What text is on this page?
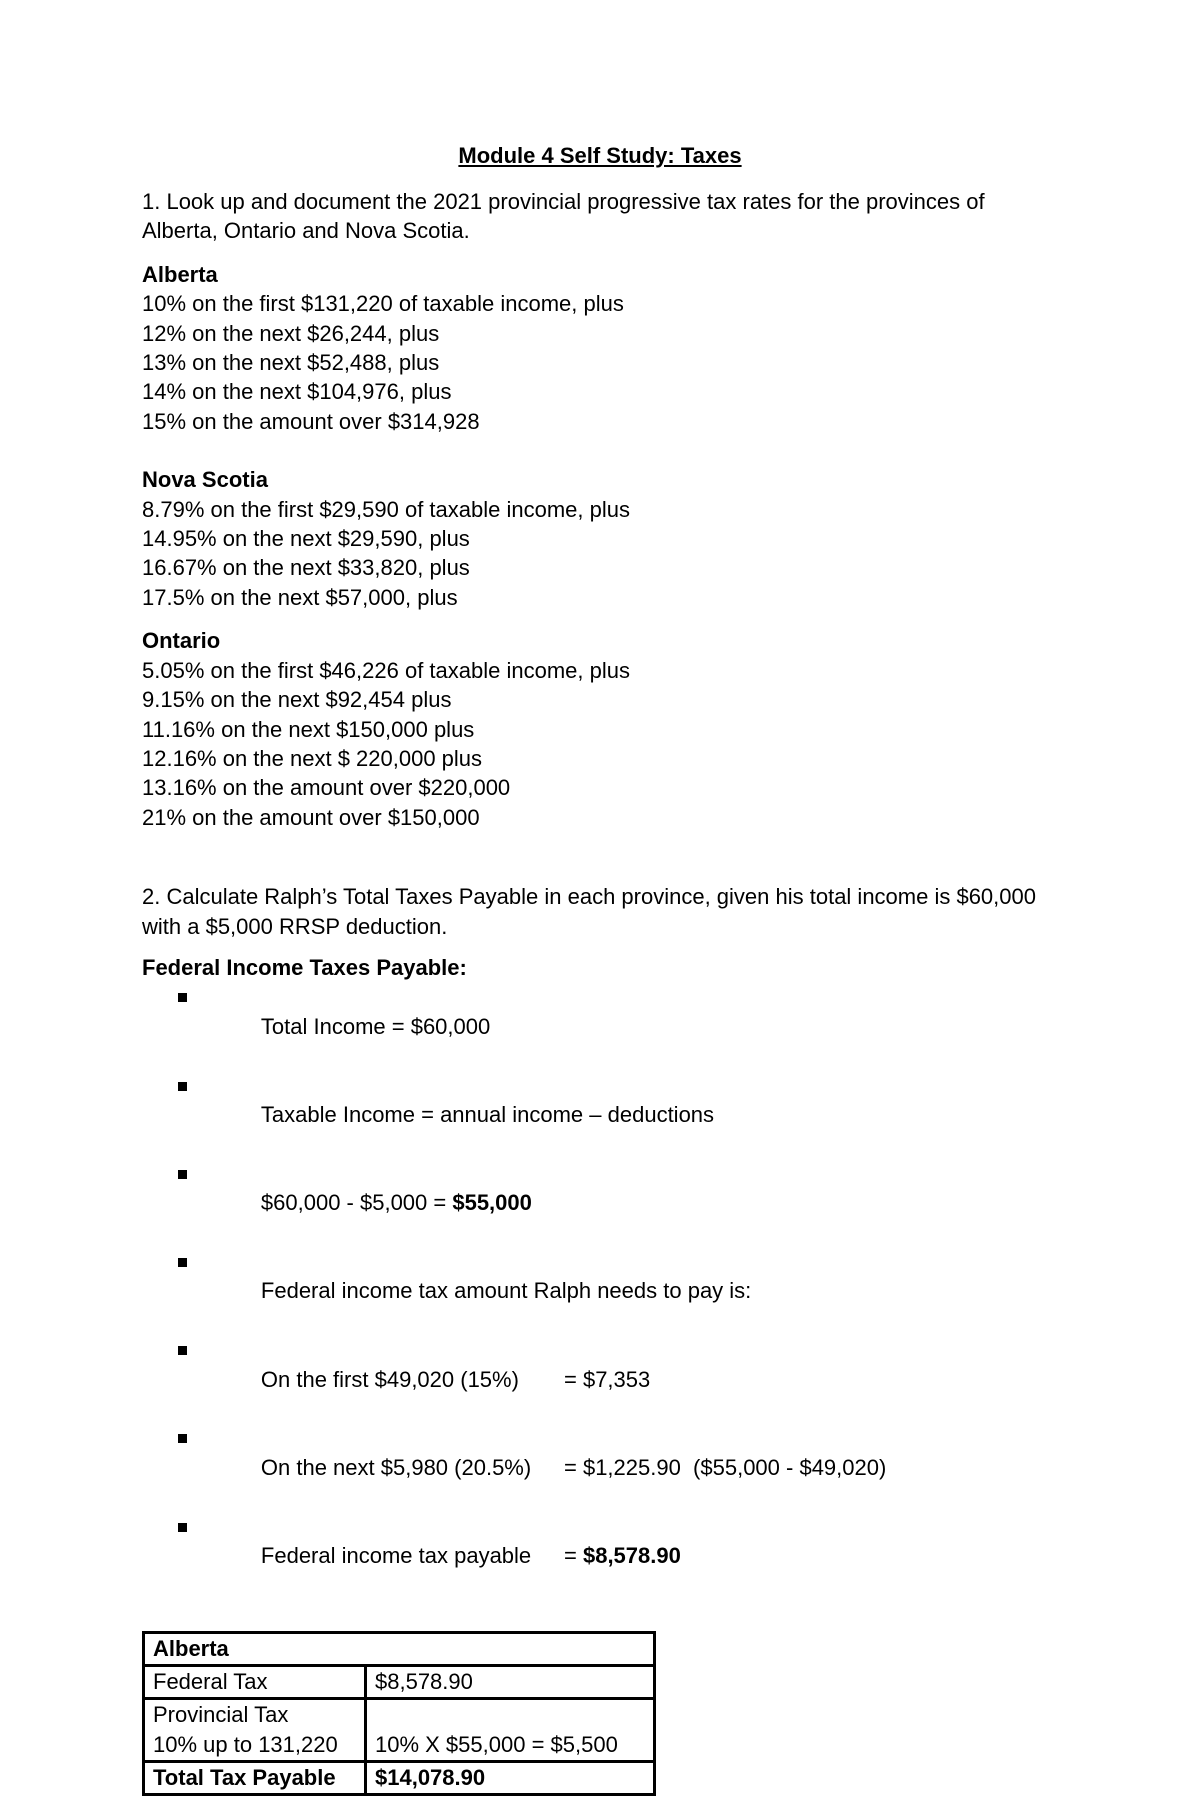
Module 4 Self Study: Taxes

1. Look up and document the 2021 provincial progressive tax rates for the provinces of Alberta, Ontario and Nova Scotia.

Alberta

10% on the first $131,220 of taxable income, plus

12% on the next $26,244, plus

13% on the next $52,488, plus

14% on the next $104,976, plus

15% on the amount over $314,928

Nova Scotia

8.79% on the first $29,590 of taxable income, plus

14.95% on the next $29,590, plus

16.67% on the next $33,820, plus

17.5% on the next $57,000, plus

Ontario

5.05% on the first $46,226 of taxable income, plus

9.15% on the next $92,454 plus

11.16% on the next $150,000 plus

12.16% on the next $ 220,000 plus

13.16% on the amount over $220,000

21% on the amount over $150,000

2. Calculate Ralph’s Total Taxes Payable in each province, given his total income is $60,000 with a $5,000 RRSP deduction.

Federal Income Taxes Payable:

Total Income = $60,000

Taxable Income = annual income – deductions

$60,000 - $5,000 = $55,000

Federal income tax amount Ralph needs to pay is:

On the first $49,020 (15%) = $7,353

On the next $5,980 (20.5%) = $1,225.90  ($55,000 - $49,020)

Federal income tax payable = $8,578.90

Alberta	
Federal Tax	$8,578.90

Provincial Tax
10% up to 131,220	10% X $55,000 = $5,500
Total Tax Payable	$14,078.90
